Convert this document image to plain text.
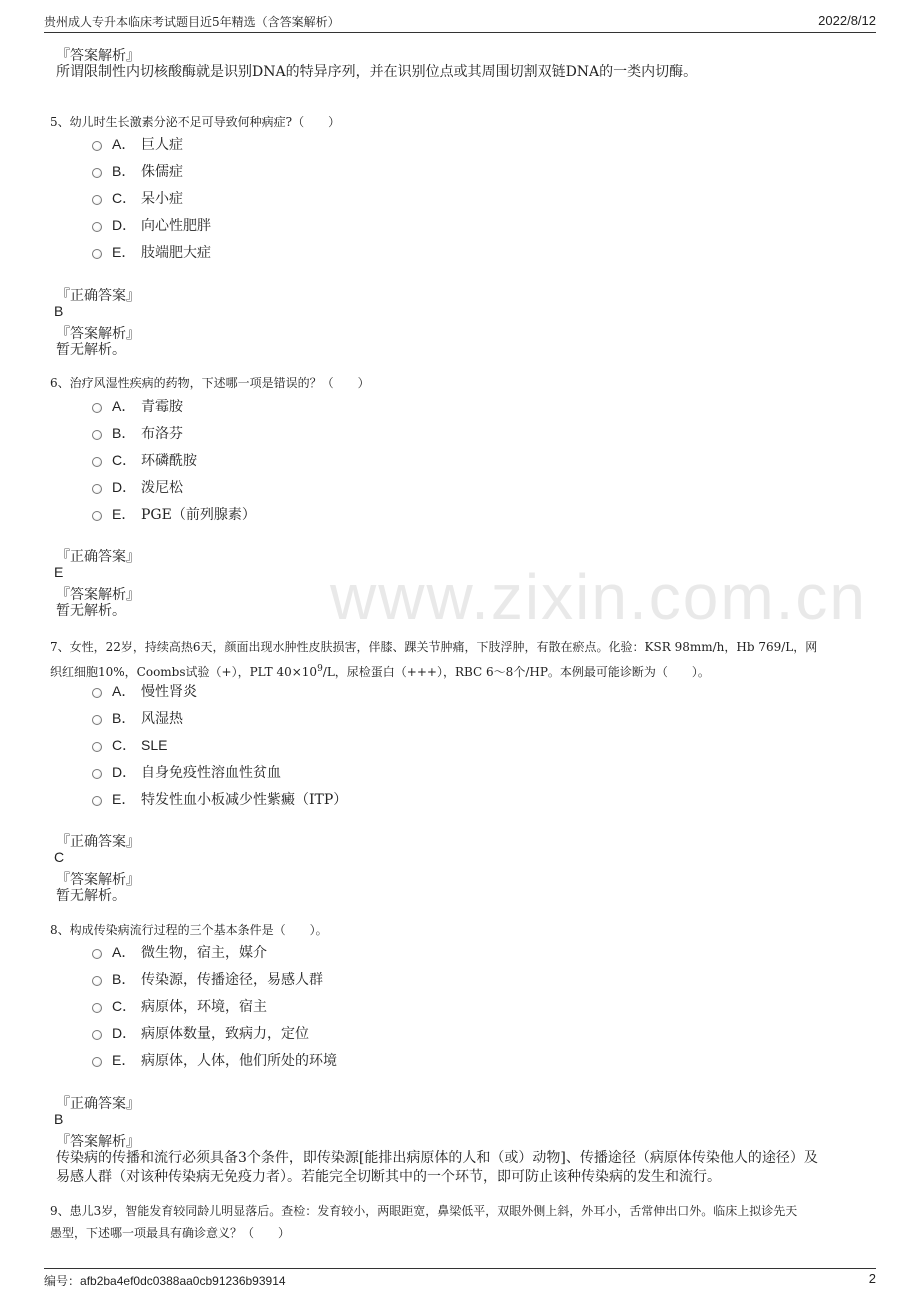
贵州成人专升本临床考试题目近5年精选（含答案解析）	2022/8/12
www.zixin.com.cn
『答案解析』
所谓限制性内切核酸酶就是识别DNA的特异序列，并在识别位点或其周围切割双链DNA的一类内切酶。
5、幼儿时生长激素分泌不足可导致何种病症?（　　）
A． 巨人症
B． 侏儒症
C． 呆小症
D． 向心性肥胖
E． 肢端肥大症
『正确答案』
B
『答案解析』
暂无解析。
6、治疗风湿性疾病的药物，下述哪一项是错误的？（　　）
A． 青霉胺
B． 布洛芬
C． 环磷酰胺
D． 泼尼松
E． PGE（前列腺素）
『正确答案』
E
『答案解析』
暂无解析。
7、女性，22岁，持续高热6天，颜面出现水肿性皮肤损害，伴膝、踝关节肿痛，下肢浮肿，有散在瘀点。化验：KSR 98mm/h，Hb 769/L，网
织红细胞10%，Coombs试验（+），PLT $40\times 10^9/L$，尿检蛋白（+++），RBC 6～8个/HP。本例最可能诊断为（　　）。
A． 慢性肾炎
B． 风湿热
C． SLE
D． 自身免疫性溶血性贫血
E． 特发性血小板减少性紫癜（ITP）
『正确答案』
C
『答案解析』
暂无解析。
8、构成传染病流行过程的三个基本条件是（　　）。
A． 微生物，宿主，媒介
B． 传染源，传播途径，易感人群
C． 病原体，环境，宿主
D． 病原体数量，致病力，定位
E． 病原体，人体，他们所处的环境
『正确答案』
B
『答案解析』
传染病的传播和流行必须具备3个条件，即传染源[能排出病原体的人和（或）动物]、传播途径（病原体传染他人的途径）及
易感人群（对该种传染病无免疫力者）。若能完全切断其中的一个环节，即可防止该种传染病的发生和流行。
9、患儿3岁，智能发育较同龄儿明显落后。查检：发育较小，两眼距宽，鼻梁低平，双眼外侧上斜，外耳小，舌常伸出口外。临床上拟诊先天
愚型，下述哪一项最具有确诊意义？（　　）
编号：afb2ba4ef0dc0388aa0cb91236b93914	2
